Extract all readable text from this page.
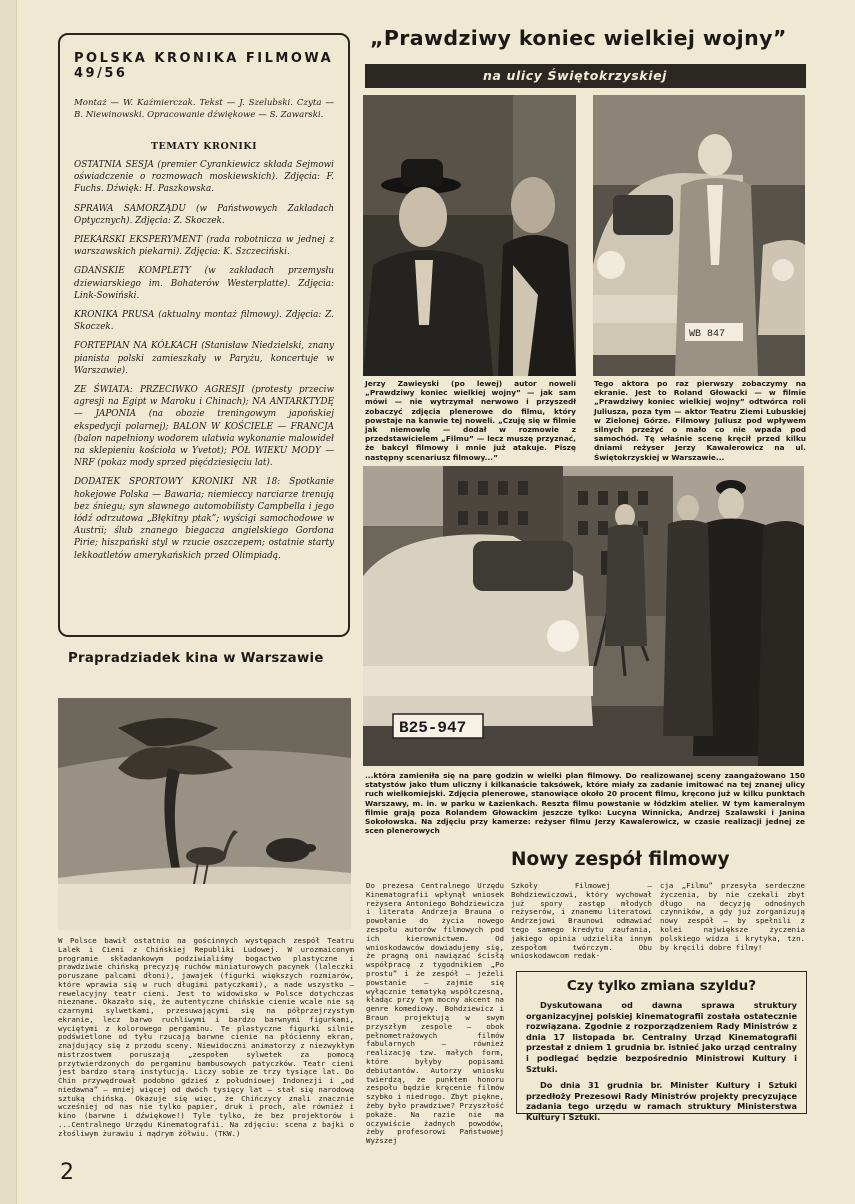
POLSKA KRONIKA FILMOWA 49/56
Montaż — W. Kaźmierczak. Tekst — J. Szelubski. Czyta — B. Niewinowski. Opracowanie dźwiękowe — S. Zawarski.
TEMATY KRONIKI
OSTATNIA SESJA (premier Cyrankiewicz składa Sejmowi oświadczenie o rozmowach moskiewskich). Zdjęcia: F. Fuchs. Dźwięk: H. Paszkowska.
SPRAWA SAMORZĄDU (w Państwowych Zakładach Optycznych). Zdjęcia: Z. Skoczek.
PIEKARSKI EKSPERYMENT (rada robotnicza w jednej z warszawskich piekarni). Zdjęcia: K. Szczeciński.
GDAŃSKIE KOMPLETY (w zakładach przemysłu dziewiarskiego im. Bohaterów Westerplatte). Zdjęcia: Link-Sowiński.
KRONIKA PRUSA (aktualny montaż filmowy). Zdjęcia: Z. Skoczek.
FORTEPIAN NA KÓŁKACH (Stanisław Niedzielski, znany pianista polski zamieszkały w Paryżu, koncertuje w Warszawie).
ZE ŚWIATA: PRZECIWKO AGRESJI (protesty przeciw agresji na Egipt w Maroku i Chinach); NA ANTARKTYDĘ — JAPONIA (na obozie treningowym japońskiej ekspedycji polarnej); BALON W KOŚCIELE — FRANCJA (balon napełniony wodorem ulatwia wykonanie malowideł na sklepieniu kościoła w Yvetot); PÓŁ WIEKU MODY — NRF (pokaz mody sprzed pięćdziesięciu lat).
DODATEK SPORTOWY KRONIKI NR 18: Spotkanie hokejowe Polska — Bawaria; niemieccy narciarze trenują bez śniegu; syn sławnego automobilisty Campbella i jego łódź odrzutowa „Błękitny ptak”; wyścigi samochodowe w Austrii; ślub znanego biegacza angielskiego Gordona Pirie; hiszpański styl w rzucie oszczepem; ostatnie starty lekkoatletów amerykańskich przed Olimpiadą.
„Prawdziwy koniec wielkiej wojny”
na ulicy Świętokrzyskiej
WB 847
Jerzy Zawieyski (po lewej) autor noweli „Prawdziwy koniec wielkiej wojny” — jak sam mówi — nie wytrzymał nerwowo i przyszedł zobaczyć zdjęcia plenerowe do filmu, który powstaje na kanwie tej noweli. „Czuję się w filmie jak niemowlę — dodał w rozmowie z przedstawicielem „Filmu” — lecz muszę przyznać, że bakcyl filmowy i mnie już atakuje. Piszę następny scenariusz filmowy...”
Tego aktora po raz pierwszy zobaczymy na ekranie. Jest to Roland Głowacki — w filmie „Prawdziwy koniec wielkiej wojny” odtwórca roli Juliusza, poza tym — aktor Teatru Ziemi Lubuskiej w Zielonej Górze. Filmowy Juliusz pod wpływem silnych przeżyć o mało co nie wpada pod samochód. Tę właśnie scenę kręcił przed kilku dniami reżyser Jerzy Kawalerowicz na ul. Świętokrzyskiej w Warszawie...
B25-947
...która zamieniła się na parę godzin w wielki plan filmowy. Do realizowanej sceny zaangażowano 150 statystów jako tłum uliczny i kilkanaście taksówek, które miały za zadanie imitować na tej znanej ulicy ruch wielkomiejski. Zdjęcia plenerowe, stanowiące około 20 procent filmu, kręcono już w kilku punktach Warszawy, m. in. w parku w Łazienkach. Reszta filmu powstanie w łódzkim atelier. W tym kameralnym filmie grają poza Rolandem Głowackim jeszcze tylko: Lucyna Winnicka, Andrzej Szalawski i Janina Sokołowska. Na zdjęciu przy kamerze: reżyser filmu Jerzy Kawalerowicz, w czasie realizacji jednej ze scen plenerowych
Prapradziadek kina w Warszawie
W Polsce bawił ostatnio na gościnnych występach zespół Teatru Lalek i Cieni z Chińskiej Republiki Ludowej. W urozmaiconym programie składankowym podziwialiśmy bogactwo plastyczne i prawdziwie chińską precyzję ruchów miniaturowych pacynek (laleczki poruszane palcami dłoni), jawajek (figurki większych rozmiarów, które wprawia się w ruch długimi patyczkami), a nade wszystko — rewelacyjny teatr cieni. Jest to widowisko w Polsce dotychczas nieznane. Okazało się, że autentyczne chińskie cienie wcale nie są czarnymi sylwetkami, przesuwającymi się na półprzejrzystym ekranie, lecz barwo ruchliwymi i bardzo barwnymi figurkami, wyciętymi z kolorowego pergaminu. Te plastyczne figurki silnie podświetlone od tyłu rzucają barwne cienie na płócienny ekran, znajdujący się z przodu sceny. Niewidoczni animatorzy z niezwykłym mistrzostwem poruszają „zespołem sylwetek za pomocą przytwierdzonych do pergaminu bambusowych patyczków. Teatr cieni jest bardzo starą instytucją. Liczy sobie ze trzy tysiące lat. Do Chin przywędrował podobno gdzieś z południowej Indonezji i „od niedawna” — mniej więcej od dwóch tysięcy lat — stał się narodową sztuką chińską. Okazuje się więc, że Chińczycy znali znacznie wcześniej od nas nie tylko papier, druk i proch, ale również i kino (barwne i dźwiękowe!) Tyle tylko, że bez projektorów i ...Centralnego Urzędu Kinematografii. Na zdjęciu: scena z bajki o złośliwym żurawiu i mądrym żółwiu. (TKW.)
Nowy zespół filmowy
Do prezesa Centralnego Urzędu Kinematografii wpłynął wniosek reżysera Antoniego Bohdziewicza i literata Andrzeja Brauna o powołanie do życia nowego zespołu autorów filmowych pod ich kierownictwem. Od wnioskodawców dowiadujemy się, że pragną oni nawiązać ścisłą współpracę z tygodnikiem „Po prostu” i że zespół — jeżeli powstanie — zajmie się wyłącznie tematyką współczesną, kładąc przy tym mocny akcent na genre komediowy. Bohdziewicz i Braun projektują w swym przyszłym zespole — obok pełnometrażowych filmów fabularnych — również realizację tzw. małych form, które byłyby popisami debiutantów. Autorzy wniosku twierdzą, że punktem honoru zespołu będzie kręcenie filmów szybko i niedrogo. Zbyt piękne, żeby było prawdziwe? Przyszłość pokaże. Na razie nie ma oczywiście żadnych powodów, żeby profesorowi Państwowej Wyższej
Szkoły Filmowej — Bohdziewiczowi, który wychował już spory zastęp młodych reżyserów, i znanemu literatowi Andrzejowi Braunowi odmawiać tego samego kredytu zaufania, jakiego opinia udzieliła innym zespołom twórczym. Obu wnioskodawcom redak-
cja „Filmu” przesyła serdeczne życzenia, by nie czekali zbyt długo na decyzję odnośnych czynników, a gdy już zorganizują nowy zespół — by spełnili z kolei największe życzenia polskiego widza i krytyka, tzn. by kręcili dobre filmy!
Czy tylko zmiana szyldu?
Dyskutowana od dawna sprawa struktury organizacyjnej polskiej kinematografii została ostatecznie rozwiązana. Zgodnie z rozporządzeniem Rady Ministrów z dnia 17 listopada br. Centralny Urząd Kinematografii przestał z dniem 1 grudnia br. istnieć jako urząd centralny i podlegać będzie bezpośrednio Ministrowi Kultury i Sztuki.
Do dnia 31 grudnia br. Minister Kultury i Sztuki przedłoży Prezesowi Rady Ministrów projekty precyzujące zadania tego urzędu w ramach struktury Ministerstwa Kultury i Sztuki.
2
